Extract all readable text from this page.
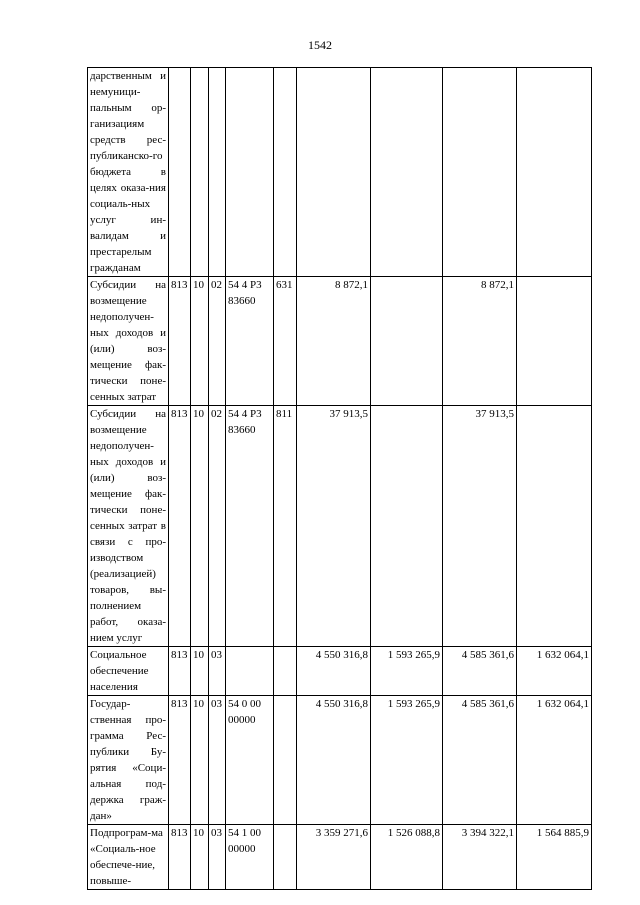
1542
дарственным и немуници-пальным ор-ганизациям средств рес-публиканско-го бюджета в целях оказа-ния социаль-ных услуг ин-валидам и престарелым гражданам									
Субсидии на возмещение недополучен-ных доходов и (или) воз-мещение фак-тически поне-сенных затрат	813	10	02	54 4 P3 83660	631	8 872,1		8 872,1	
Субсидии на возмещение недополучен-ных доходов и (или) воз-мещение фак-тически поне-сенных затрат в связи с про-изводством (реализацией) товаров, вы-полнением работ, оказа-нием услуг	813	10	02	54 4 P3 83660	811	37 913,5		37 913,5	
Социальное обеспечение населения	813	10	03			4 550 316,8	1 593 265,9	4 585 361,6	1 632 064,1
Государ-ственная про-грамма Рес-публики Бу-рятия «Соци-альная под-держка граж-дан»	813	10	03	54 0 00 00000		4 550 316,8	1 593 265,9	4 585 361,6	1 632 064,1
Подпрограм-ма «Социаль-ное обеспече-ние, повыше-	813	10	03	54 1 00 00000		3 359 271,6	1 526 088,8	3 394 322,1	1 564 885,9
